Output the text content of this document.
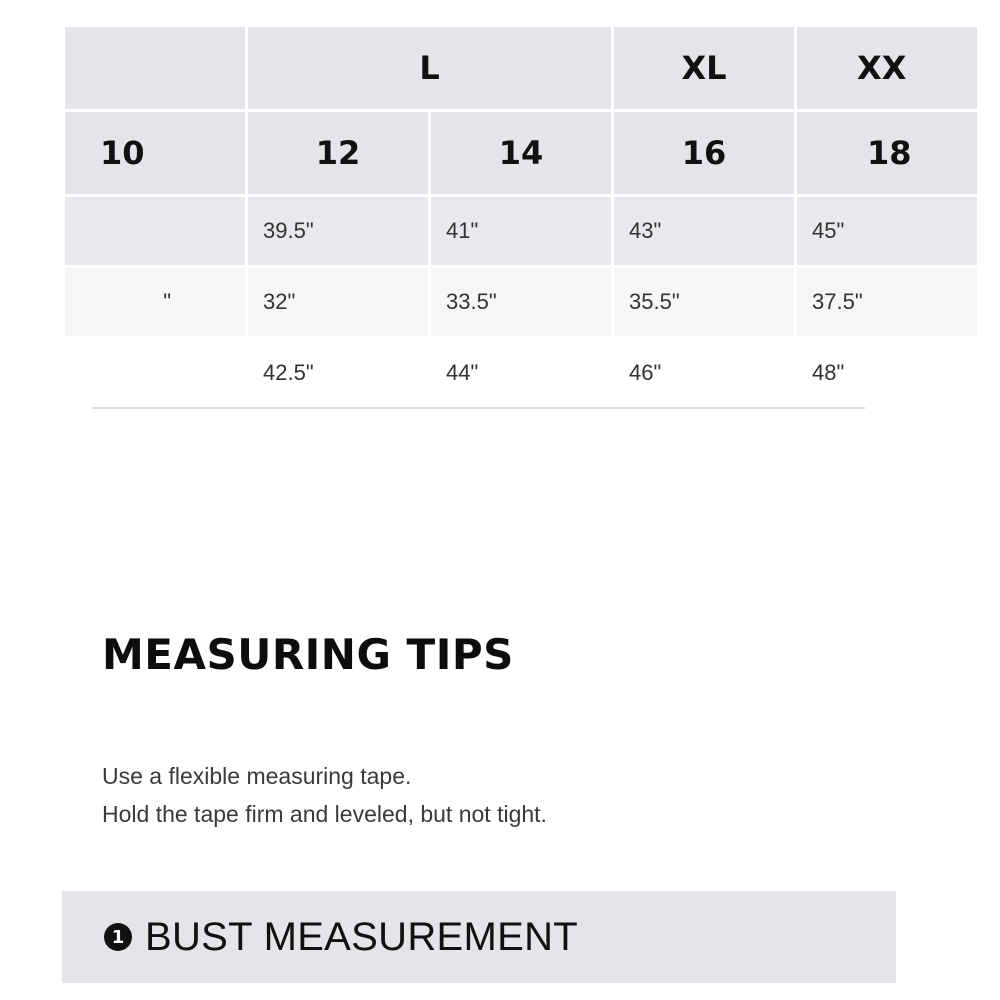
	L		XL	XX
10	12	14	16	18
	39.5"	41"	43"	45"
"	32"	33.5"	35.5"	37.5"
	42.5"	44"	46"	48"
MEASURING TIPS
Use a flexible measuring tape.
Hold the tape firm and leveled, but not tight.
1 BUST MEASUREMENT
